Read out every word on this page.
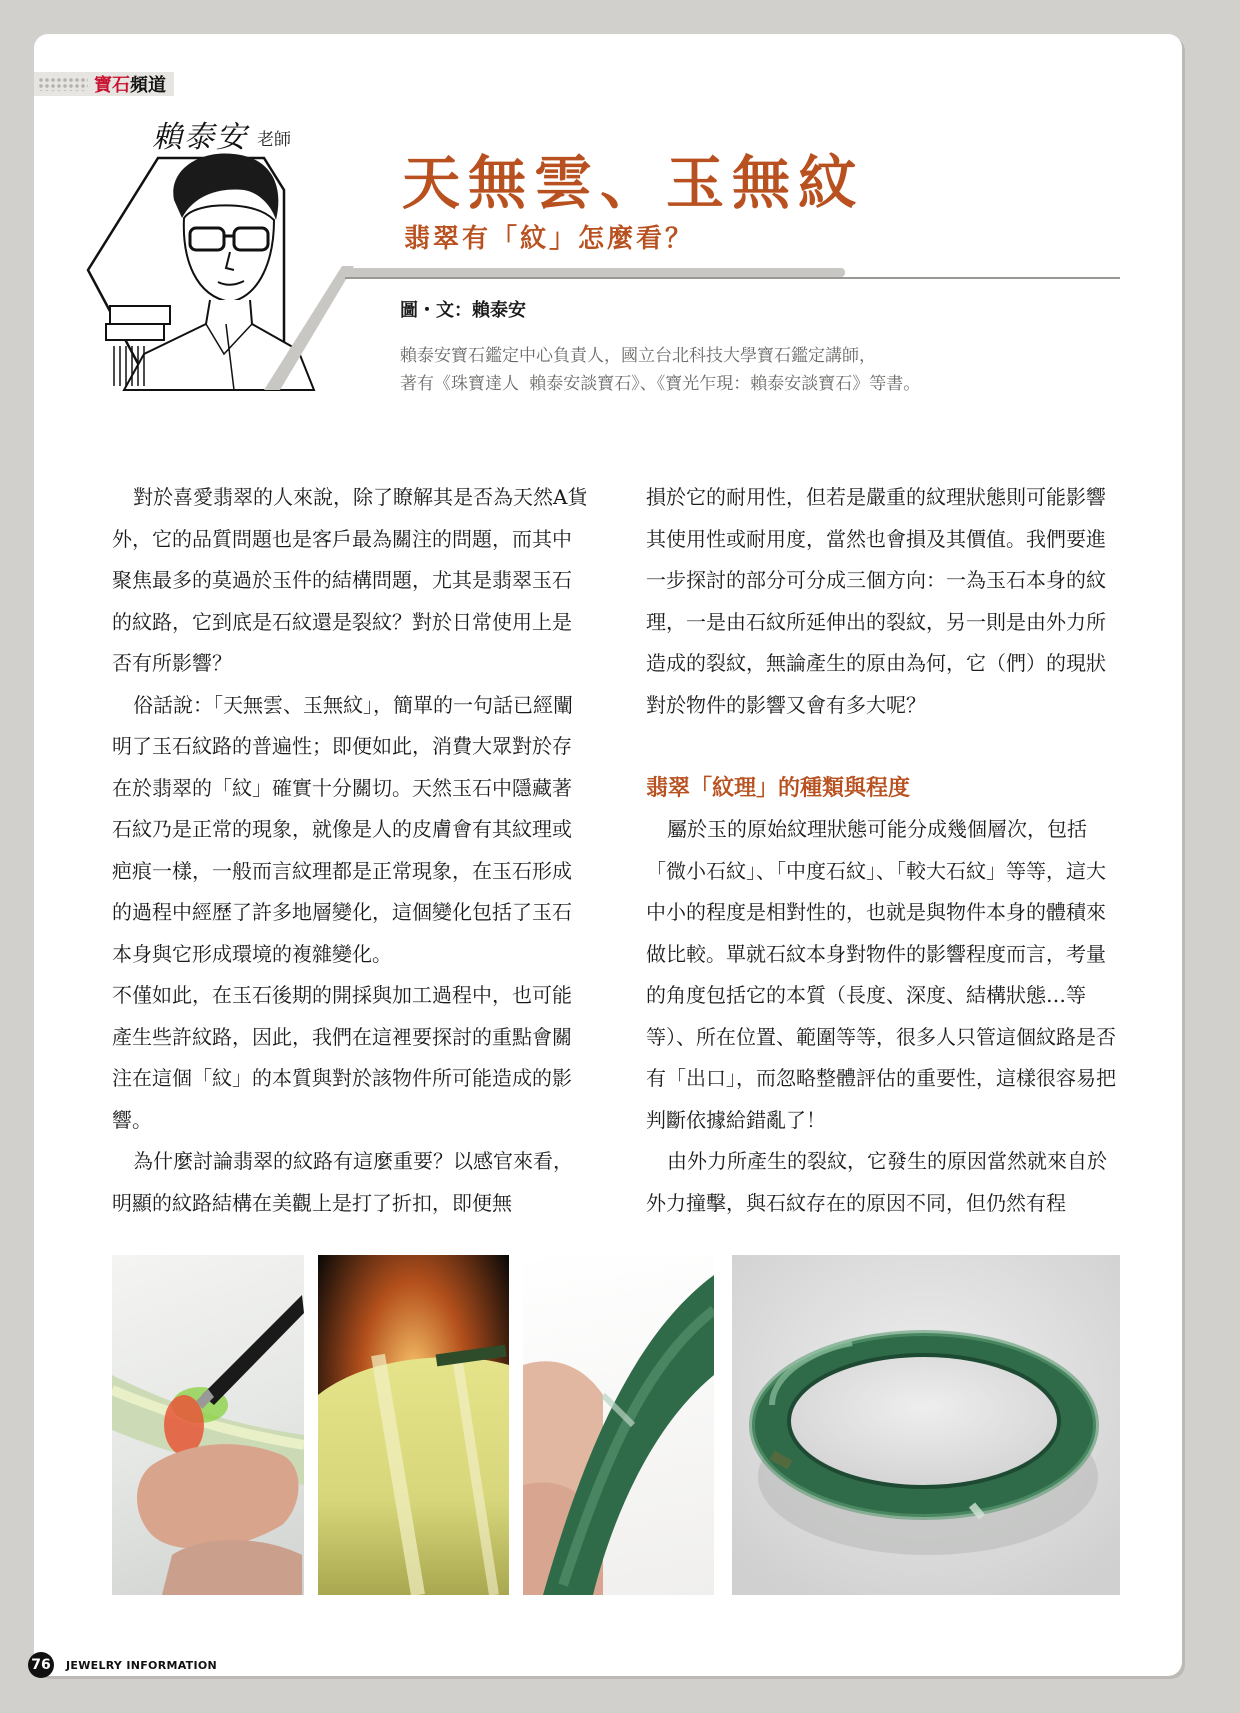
寶石 頻道
賴泰安 老師
天無雲、玉無紋
翡翠有「紋」怎麼看？
圖・文：賴泰安
賴泰安寶石鑑定中心負責人，國立台北科技大學寶石鑑定講師，
著有《珠寶達人 賴泰安談寶石》、《寶光乍現：賴泰安談寶石》等書。

對於喜愛翡翠的人來說，除了瞭解其是否為天然A貨外，它的品質問題也是客戶最為關注的問題，而其中聚焦最多的莫過於玉件的結構問題，尤其是翡翠玉石的紋路，它到底是石紋還是裂紋？對於日常使用上是否有所影響？

俗話說：「天無雲、玉無紋」，簡單的一句話已經闡明了玉石紋路的普遍性；即便如此，消費大眾對於存在於翡翠的「紋」確實十分關切。天然玉石中隱藏著石紋乃是正常的現象，就像是人的皮膚會有其紋理或疤痕一樣，一般而言紋理都是正常現象，在玉石形成的過程中經歷了許多地層變化，這個變化包括了玉石本身與它形成環境的複雜變化。

不僅如此，在玉石後期的開採與加工過程中，也可能產生些許紋路，因此，我們在這裡要探討的重點會關注在這個「紋」的本質與對於該物件所可能造成的影響。

為什麼討論翡翠的紋路有這麼重要？以感官來看，明顯的紋路結構在美觀上是打了折扣，即便無

損於它的耐用性，但若是嚴重的紋理狀態則可能影響其使用性或耐用度，當然也會損及其價值。我們要進一步探討的部分可分成三個方向：一為玉石本身的紋理，一是由石紋所延伸出的裂紋，另一則是由外力所造成的裂紋，無論產生的原由為何，它（們）的現狀對於物件的影響又會有多大呢？

翡翠「紋理」的種類與程度

屬於玉的原始紋理狀態可能分成幾個層次，包括「微小石紋」、「中度石紋」、「較大石紋」等等，這大中小的程度是相對性的，也就是與物件本身的體積來做比較。單就石紋本身對物件的影響程度而言，考量的角度包括它的本質（長度、深度、結構狀態…等等）、所在位置、範圍等等，很多人只管這個紋路是否有「出口」，而忽略整體評估的重要性，這樣很容易把判斷依據給錯亂了！

由外力所產生的裂紋，它發生的原因當然就來自於外力撞擊，與石紋存在的原因不同，但仍然有程

76 JEWELRY INFORMATION
